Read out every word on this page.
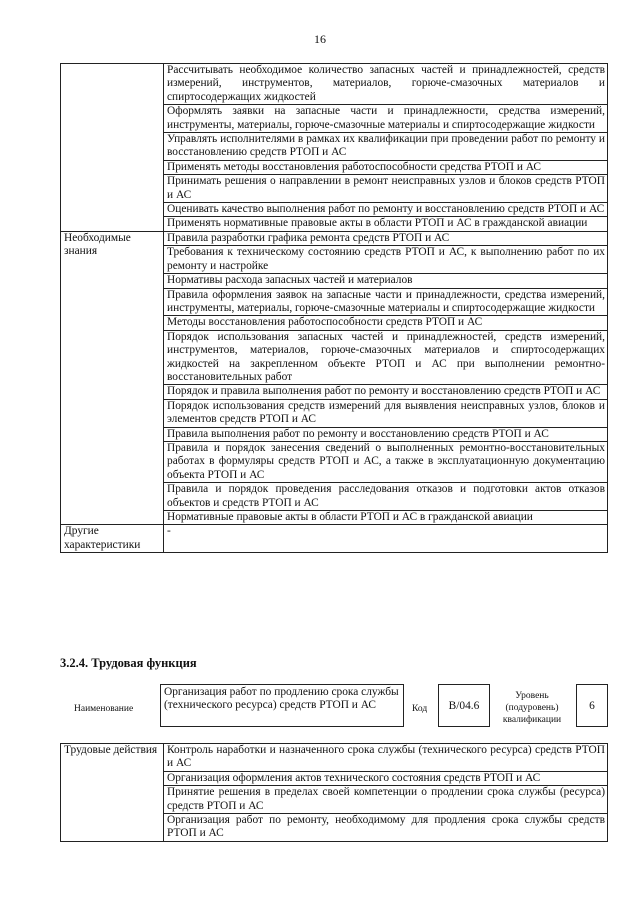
16
	Рассчитывать необходимое количество запасных частей и принадлежностей, средств измерений, инструментов, материалов, горюче-смазочных материалов и спиртосодержащих жидкостей
	Оформлять заявки на запасные части и принадлежности, средства измерений, инструменты, материалы, горюче-смазочные материалы и спиртосодержащие жидкости
	Управлять исполнителями в рамках их квалификации при проведении работ по ремонту и восстановлению средств РТОП и АС
	Применять методы восстановления работоспособности средства РТОП и АС
	Принимать решения о направлении в ремонт неисправных узлов и блоков средств РТОП и АС
	Оценивать качество выполнения работ по ремонту и восстановлению средств РТОП и АС
	Применять нормативные правовые акты в области РТОП и АС в гражданской авиации
Необходимые знания	Правила разработки графика ремонта средств РТОП и АС
	Требования к техническому состоянию средств РТОП и АС, к выполнению работ по их ремонту и настройке
	Нормативы расхода запасных частей и материалов
	Правила оформления заявок на запасные части и принадлежности, средства измерений, инструменты, материалы, горюче-смазочные материалы и спиртосодержащие жидкости
	Методы восстановления работоспособности средств РТОП и АС
	Порядок использования запасных частей и принадлежностей, средств измерений, инструментов, материалов, горюче-смазочных материалов и спиртосодержащих жидкостей на закрепленном объекте РТОП и АС при выполнении ремонтно-восстановительных работ
	Порядок и правила выполнения работ по ремонту и восстановлению средств РТОП и АС
	Порядок использования средств измерений для выявления неисправных узлов, блоков и элементов средств РТОП и АС
	Правила выполнения работ по ремонту и восстановлению средств РТОП и АС
	Правила и порядок занесения сведений о выполненных ремонтно-восстановительных работах в формуляры средств РТОП и АС, а также в эксплуатационную документацию объекта РТОП и АС
	Правила и порядок проведения расследования отказов и подготовки актов отказов объектов и средств РТОП и АС
	Нормативные правовые акты в области РТОП и АС в гражданской авиации
Другие характеристики	-
3.2.4. Трудовая функция
Наименование
Организация работ по продлению срока службы (технического ресурса) средств РТОП и АС	Код	B/04.6
Уровень (подуровень) квалификации
6
Трудовые действия	Контроль наработки и назначенного срока службы (технического ресурса) средств РТОП и АС
Организация оформления актов технического состояния средств РТОП и АС
Принятие решения в пределах своей компетенции о продлении срока службы (ресурса) средств РТОП и АС
Организация работ по ремонту, необходимому для продления срока службы средств РТОП и АС
